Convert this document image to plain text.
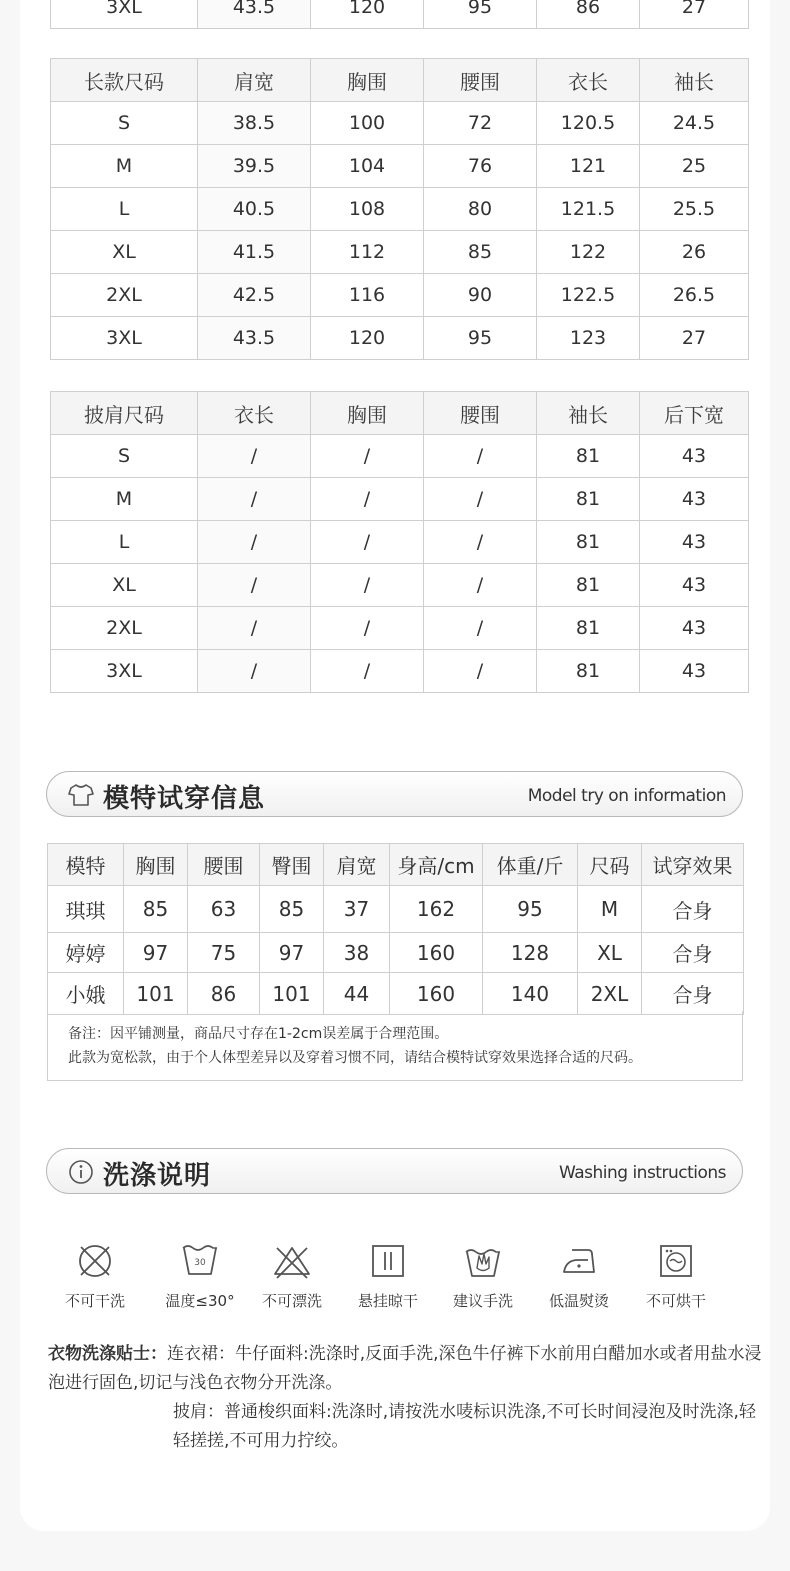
3XL	43.5	120	95	86	27
长款尺码	肩宽	胸围	腰围	衣长	袖长
S	38.5	100	72	120.5	24.5
M	39.5	104	76	121	25
L	40.5	108	80	121.5	25.5
XL	41.5	112	85	122	26
2XL	42.5	116	90	122.5	26.5
3XL	43.5	120	95	123	27
披肩尺码	衣长	胸围	腰围	袖长	后下宽
S	/	/	/	81	43
M	/	/	/	81	43
L	/	/	/	81	43
XL	/	/	/	81	43
2XL	/	/	/	81	43
3XL	/	/	/	81	43
模特试穿信息	Model try on information
模特	胸围	腰围	臀围	肩宽	身高/cm	体重/斤	尺码	试穿效果
琪琪	85	63	85	37	162	95	M	合身
婷婷	97	75	97	38	160	128	XL	合身
小娥	101	86	101	44	160	140	2XL	合身
备注：因平铺测量，商品尺寸存在1-2cm误差属于合理范围。
此款为宽松款，由于个人体型差异以及穿着习惯不同，请结合模特试穿效果选择合适的尺码。
洗涤说明	Washing instructions
不可干洗
30
温度≤30°	不可漂洗	悬挂晾干	建议手洗	低温熨烫	不可烘干
衣物洗涤贴士：连衣裙：牛仔面料:洗涤时,反面手洗,深色牛仔裤下水前用白醋加水或者用盐水浸泡进行固色,切记与浅色衣物分开洗涤。
披肩：普通梭织面料:洗涤时,请按洗水唛标识洗涤,不可长时间浸泡及时洗涤,轻轻搓搓,不可用力拧绞。
